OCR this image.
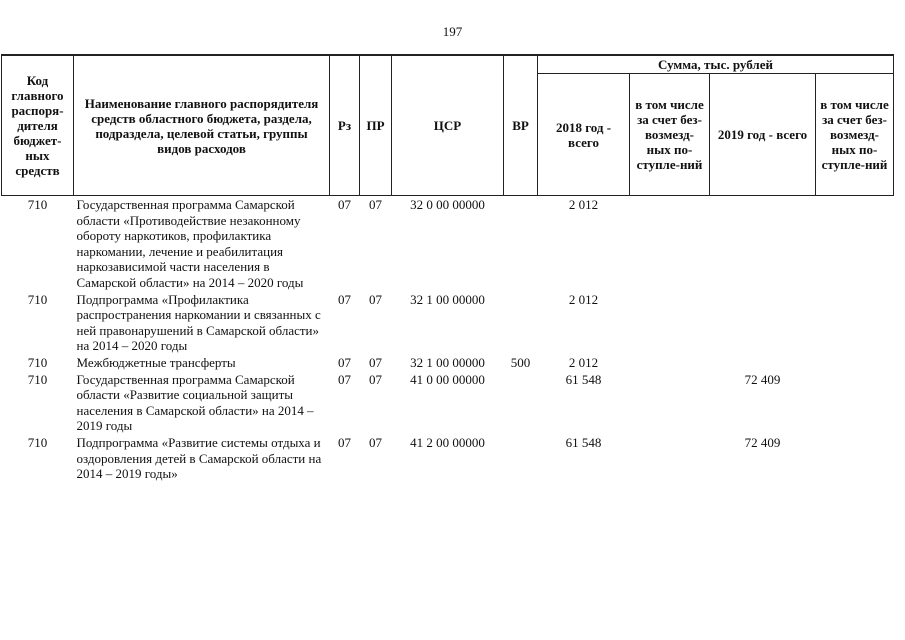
197
Код главного распоря-дителя бюджет-ных средств	Наименование главного распорядителя средств областного бюджета, раздела, подраздела, целевой статьи, группы видов расходов	Рз	ПР	ЦСР	ВР	Сумма, тыс. рублей			
						2018 год - всего	в том числе за счет без-возмезд-ных по-ступле-ний	2019 год - всего	в том числе за счет без-возмезд-ных по-ступле-ний
710	Государственная программа Самарской области «Противодействие незаконному обороту наркотиков, профилактика наркомании, лечение и реабилитация наркозависимой части населения в Самарской области» на 2014 – 2020 годы	07	07	32 0 00 00000		2 012			
710	Подпрограмма «Профилактика распространения наркомании и связанных с ней правонарушений в Самарской области» на 2014 – 2020 годы	07	07	32 1 00 00000		2 012			
710	Межбюджетные трансферты	07	07	32 1 00 00000	500	2 012			
710	Государственная программа Самарской области «Развитие социальной защиты населения в Самарской области» на 2014 – 2019 годы	07	07	41 0 00 00000		61 548		72 409	
710	Подпрограмма «Развитие системы отдыха и оздоровления детей в Самарской области на 2014 – 2019 годы»	07	07	41 2 00 00000		61 548		72 409	
